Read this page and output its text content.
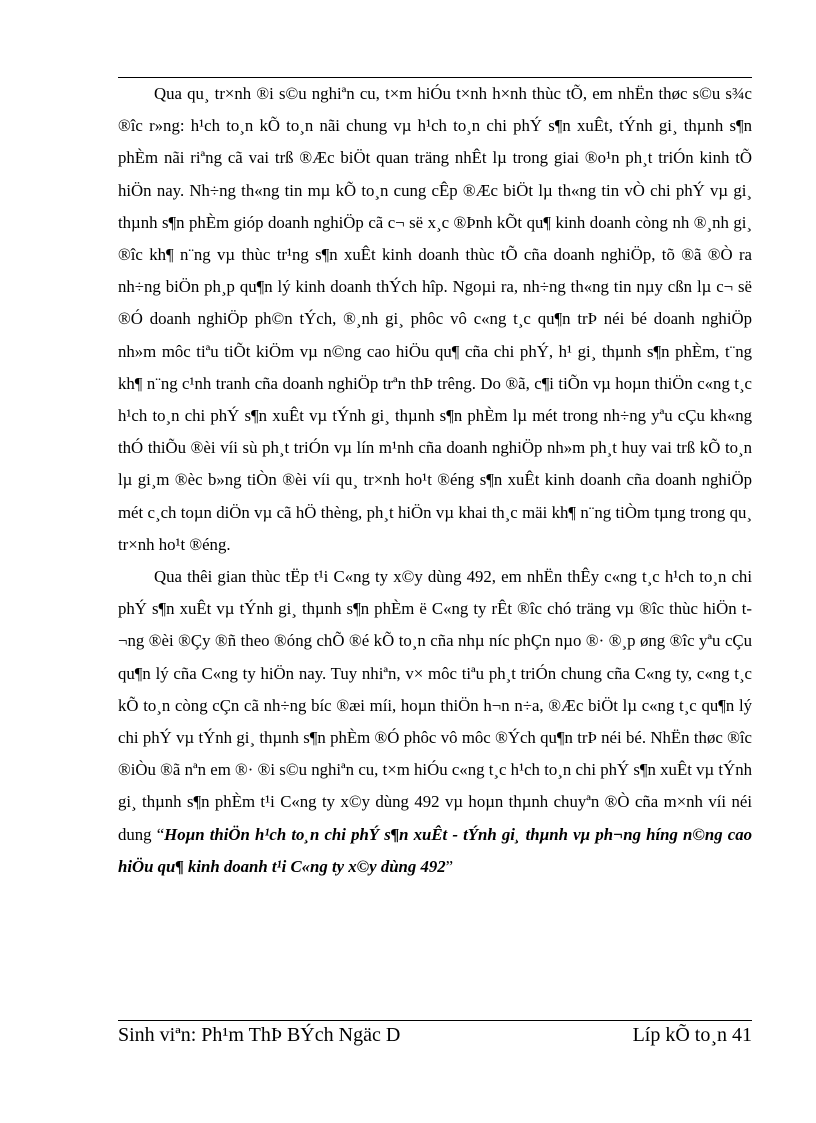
Qua qu¸ tr×nh ®i s©u nghiªn cu, t×m hiÓu t×nh h×nh thùc tÕ, em nhËn thøc s©u s¾c ®îc r»ng: h¹ch to¸n kÕ to¸n nãi chung vµ h¹ch to¸n chi phÝ s¶n xuÊt, tÝnh gi¸ thµnh s¶n phÈm nãi riªng cã vai trß ®Æc biÖt quan träng nhÊt lµ trong giai ®o¹n ph¸t triÓn kinh tÕ hiÖn nay. Nh÷ng th«ng tin mµ kÕ to¸n cung cÊp ®Æc biÖt lµ th«ng tin vÒ chi phÝ vµ gi¸ thµnh s¶n phÈm gióp doanh nghiÖp cã c¬ së x¸c ®Þnh kÕt qu¶ kinh doanh còng nh ®¸nh gi¸ ®îc kh¶ n¨ng vµ thùc tr¹ng s¶n xuÊt kinh doanh thùc tÕ cña doanh nghiÖp, tõ ®ã ®Ò ra nh÷ng biÖn ph¸p qu¶n lý kinh doanh thÝch hîp. Ngoµi ra, nh÷ng th«ng tin nµy cßn lµ c¬ së ®Ó doanh nghiÖp ph©n tÝch, ®¸nh gi¸ phôc vô c«ng t¸c qu¶n trÞ néi bé doanh nghiÖp nh»m môc tiªu tiÕt kiÖm vµ n©ng cao hiÖu qu¶ cña chi phÝ, h¹ gi¸ thµnh s¶n phÈm, t¨ng kh¶ n¨ng c¹nh tranh cña doanh nghiÖp trªn thÞ trêng. Do ®ã, c¶i tiÕn vµ hoµn thiÖn c«ng t¸c h¹ch to¸n chi phÝ s¶n xuÊt vµ tÝnh gi¸ thµnh s¶n phÈm lµ mét trong nh÷ng yªu cÇu kh«ng thÓ thiÕu ®èi víi sù ph¸t triÓn vµ lín m¹nh cña doanh nghiÖp nh»m ph¸t huy vai trß kÕ to¸n lµ gi¸m ®èc b»ng tiÒn ®èi víi qu¸ tr×nh ho¹t ®éng s¶n xuÊt kinh doanh cña doanh nghiÖp mét c¸ch toµn diÖn vµ cã hÖ thèng, ph¸t hiÖn vµ khai th¸c mäi kh¶ n¨ng tiÒm tµng trong qu¸ tr×nh ho¹t ®éng.

Qua thêi gian thùc tËp t¹i C«ng ty x©y dùng 492, em nhËn thÊy c«ng t¸c h¹ch to¸n chi phÝ s¶n xuÊt vµ tÝnh gi¸ thµnh s¶n phÈm ë C«ng ty rÊt ®îc chó träng vµ ®îc thùc hiÖn t¬ng ®èi ®Çy ®ñ theo ®óng chÕ ®é kÕ to¸n cña nhµ níc phÇn nµo ®· ®¸p øng ®îc yªu cÇu qu¶n lý cña C«ng ty hiÖn nay. Tuy nhiªn, v× môc tiªu ph¸t triÓn chung cña C«ng ty, c«ng t¸c kÕ to¸n còng cÇn cã nh÷ng bíc ®æi míi, hoµn thiÖn h¬n n÷a, ®Æc biÖt lµ c«ng t¸c qu¶n lý chi phÝ vµ tÝnh gi¸ thµnh s¶n phÈm ®Ó phôc vô môc ®Ých qu¶n trÞ néi bé. NhËn thøc ®îc ®iÒu ®ã nªn em ®· ®i s©u nghiªn cu, t×m hiÓu c«ng t¸c h¹ch to¸n chi phÝ s¶n xuÊt vµ tÝnh gi¸ thµnh s¶n phÈm t¹i C«ng ty x©y dùng 492 vµ hoµn thµnh chuyªn ®Ò cña m×nh víi néi dung “Hoµn thiÖn h¹ch to¸n chi phÝ s¶n xuÊt - tÝnh gi¸ thµnh vµ ph¬ng híng n©ng cao hiÖu qu¶ kinh doanh t¹i C«ng ty x©y dùng 492”

Sinh viªn: Ph¹m ThÞ BÝch Ngäc D	Líp kÕ to¸n 41
